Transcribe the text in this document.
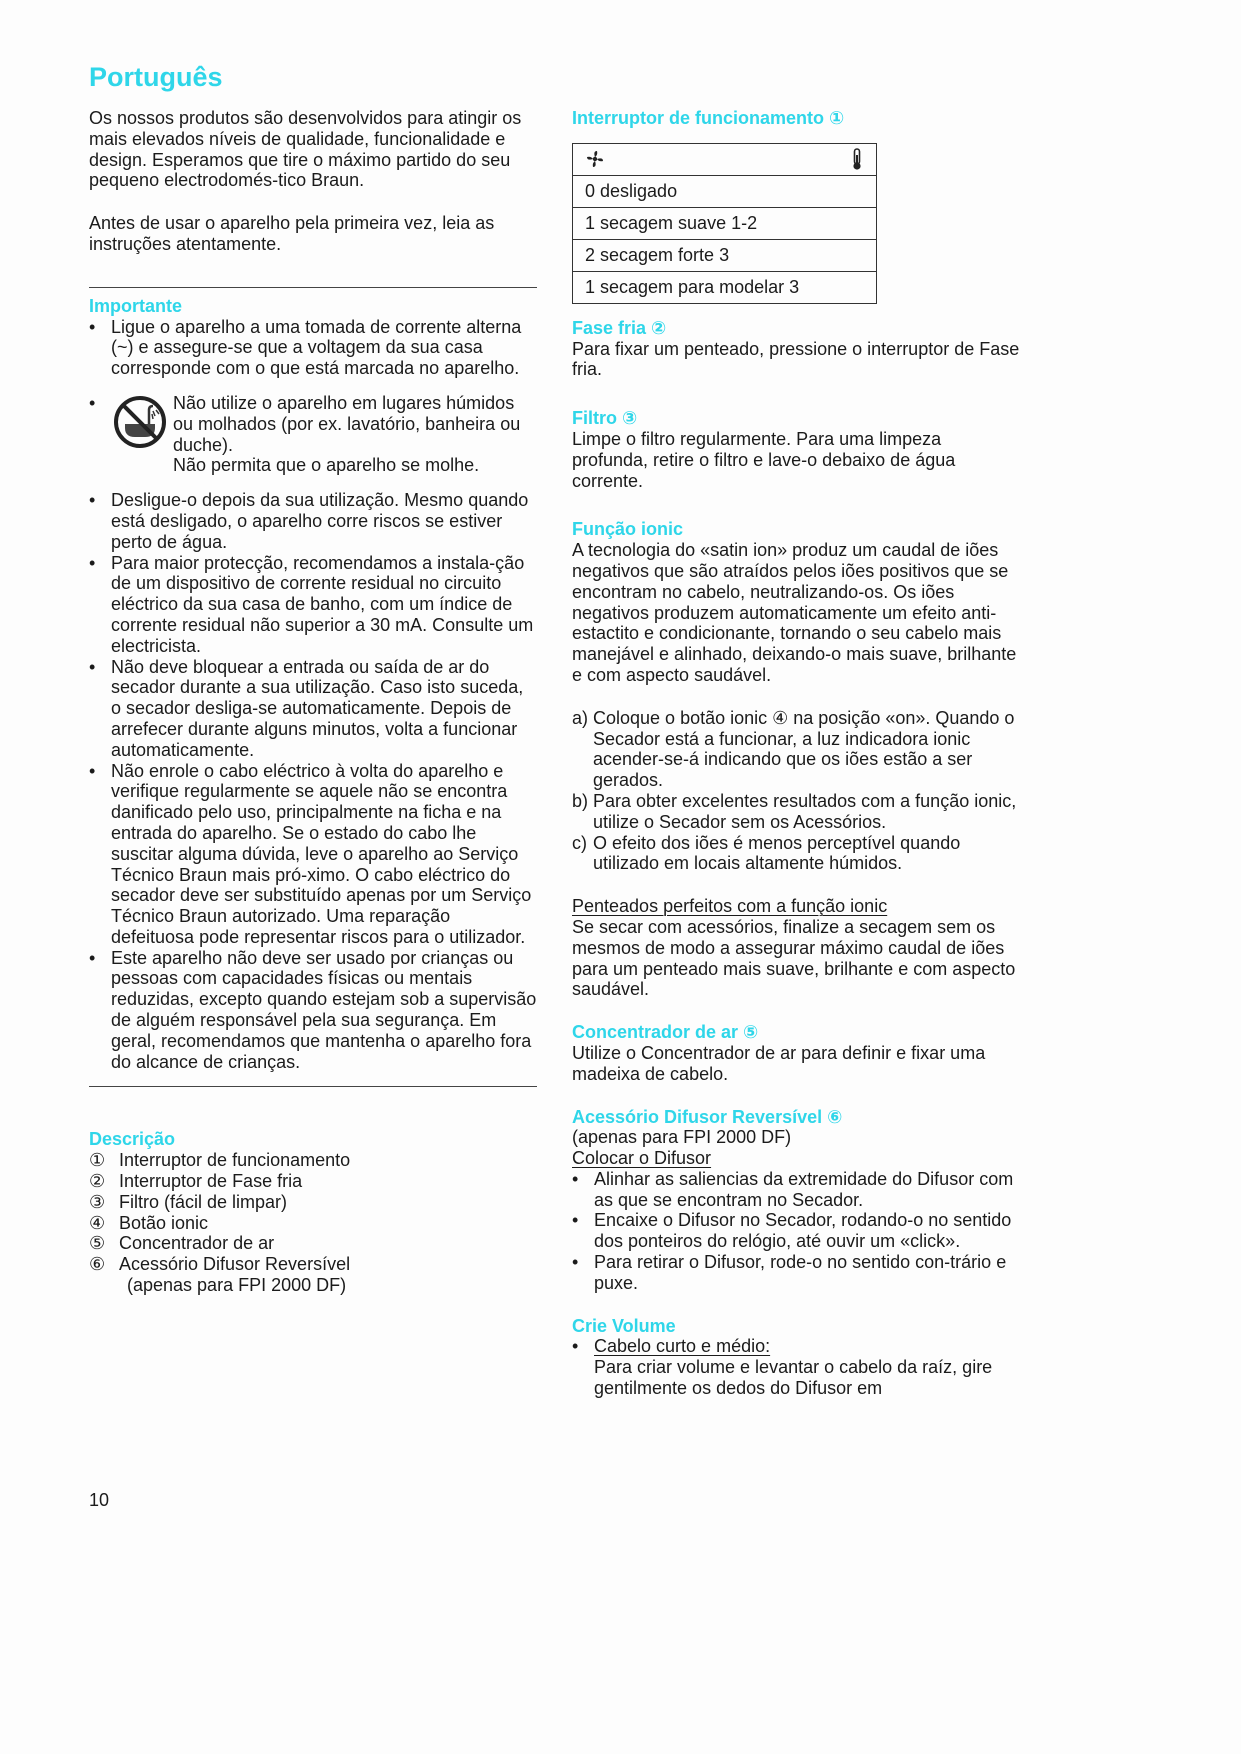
Português

Os nossos produtos são desenvolvidos para atingir os mais elevados níveis de qualidade, funcionalidade e design. Esperamos que tire o máximo partido do seu pequeno electrodomés-tico Braun.

Antes de usar o aparelho pela primeira vez, leia as instruções atentamente.

Importante
• Ligue o aparelho a uma tomada de corrente alterna (~) e assegure-se que a voltagem da sua casa corresponde com o que está marcada no aparelho.
•	Não utilize o aparelho em lugares húmidos ou molhados (por ex. lavatório, banheira ou duche).

Não permita que o aparelho se molhe.

• Desligue-o depois da sua utilização. Mesmo quando está desligado, o aparelho corre riscos se estiver perto de água.
• Para maior protecção, recomendamos a instala-ção de um dispositivo de corrente residual no circuito eléctrico da sua casa de banho, com um índice de corrente residual não superior a 30 mA. Consulte um electricista.
• Não deve bloquear a entrada ou saída de ar do secador durante a sua utilização. Caso isto suceda, o secador desliga-se automaticamente. Depois de arrefecer durante alguns minutos, volta a funcionar automaticamente.
• Não enrole o cabo eléctrico à volta do aparelho e verifique regularmente se aquele não se encontra danificado pelo uso, principalmente na ficha e na entrada do aparelho. Se o estado do cabo lhe suscitar alguma dúvida, leve o aparelho ao Serviço Técnico Braun mais pró-ximo. O cabo eléctrico do secador deve ser substituído apenas por um Serviço Técnico Braun autorizado. Uma reparação defeituosa pode representar riscos para o utilizador.
• Este aparelho não deve ser usado por crianças ou pessoas com capacidades físicas ou mentais reduzidas, excepto quando estejam sob a supervisão de alguém responsável pela sua segurança. Em geral, recomendamos que mantenha o aparelho fora do alcance de crianças.
Descrição
① Interruptor de funcionamento
② Interruptor de Fase fria
③ Filtro (fácil de limpar)
④ Botão ionic
⑤ Concentrador de ar
⑥ Acessório Difusor Reversível

(apenas para FPI 2000 DF)

Interruptor de funcionamento ①

0 desligado
1 secagem suave 1-2
2 secagem forte 3
1 secagem para modelar 3
Fase fria ②

Para fixar um penteado, pressione o interruptor de Fase fria.

Filtro ③

Limpe o filtro regularmente. Para uma limpeza profunda, retire o filtro e lave-o debaixo de água corrente.

Função ionic

A tecnologia do «satin ion» produz um caudal de iões negativos que são atraídos pelos iões positivos que se encontram no cabelo, neutralizando-os. Os iões negativos produzem automaticamente um efeito anti-estactito e condicionante, tornando o seu cabelo mais manejável e alinhado, deixando-o mais suave, brilhante e com aspecto saudável.

a) Coloque o botão ionic ④ na posição «on». Quando o Secador está a funcionar, a luz indicadora ionic acender-se-á indicando que os iões estão a ser gerados.
b) Para obter excelentes resultados com a função ionic, utilize o Secador sem os Acessórios.
c) O efeito dos iões é menos perceptível quando utilizado em locais altamente húmidos.

Penteados perfeitos com a função ionic

Se secar com acessórios, finalize a secagem sem os mesmos de modo a assegurar máximo caudal de iões para um penteado mais suave, brilhante e com aspecto saudável.

Concentrador de ar ⑤

Utilize o Concentrador de ar para definir e fixar uma madeixa de cabelo.

Acessório Difusor Reversível ⑥

(apenas para FPI 2000 DF)

Colocar o Difusor

• Alinhar as saliencias da extremidade do Difusor com as que se encontram no Secador.
• Encaixe o Difusor no Secador, rodando-o no sentido dos ponteiros do relógio, até ouvir um «click».
• Para retirar o Difusor, rode-o no sentido con-trário e puxe.
Crie Volume
• Cabelo curto e médio:
Para criar volume e levantar o cabelo da raíz, gire gentilmente os dedos do Difusor em
10
